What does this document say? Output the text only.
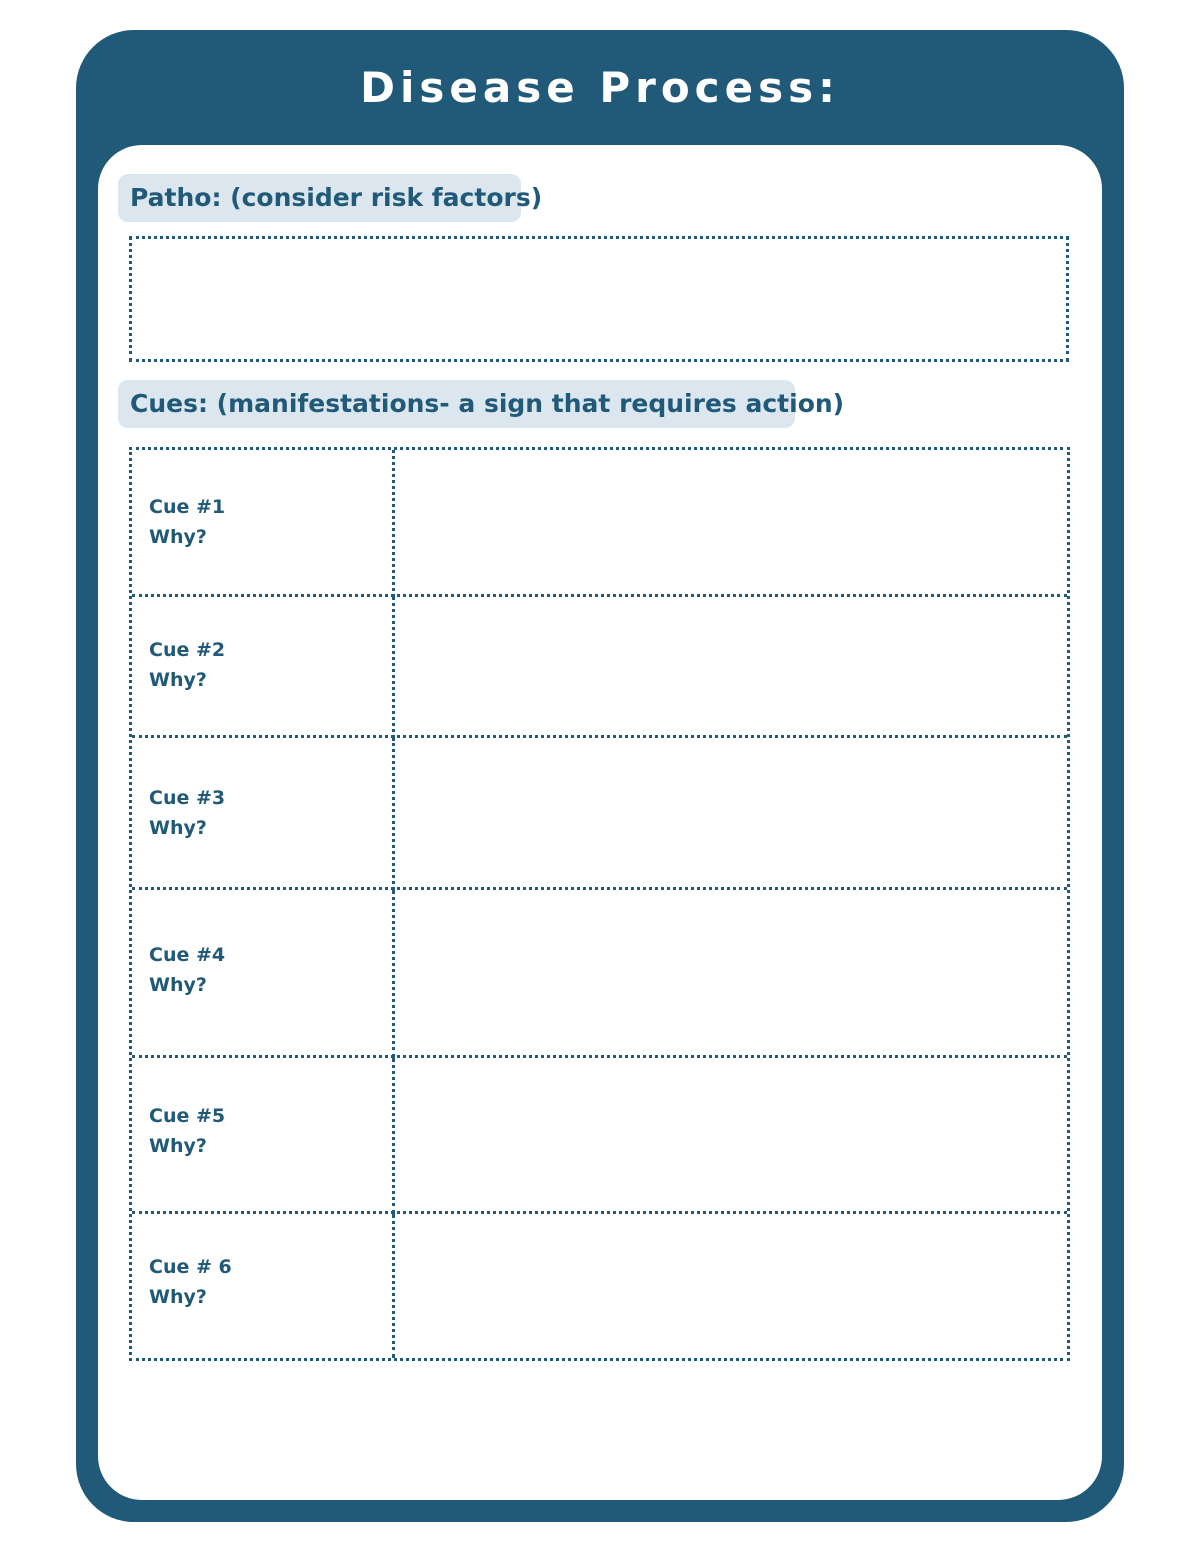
Disease Process:
Patho: (consider risk factors)
Cues: (manifestations- a sign that requires action)
Cue #1
Why?
Cue #2
Why?
Cue #3
Why?
Cue #4
Why?
Cue #5
Why?
Cue # 6
Why?
